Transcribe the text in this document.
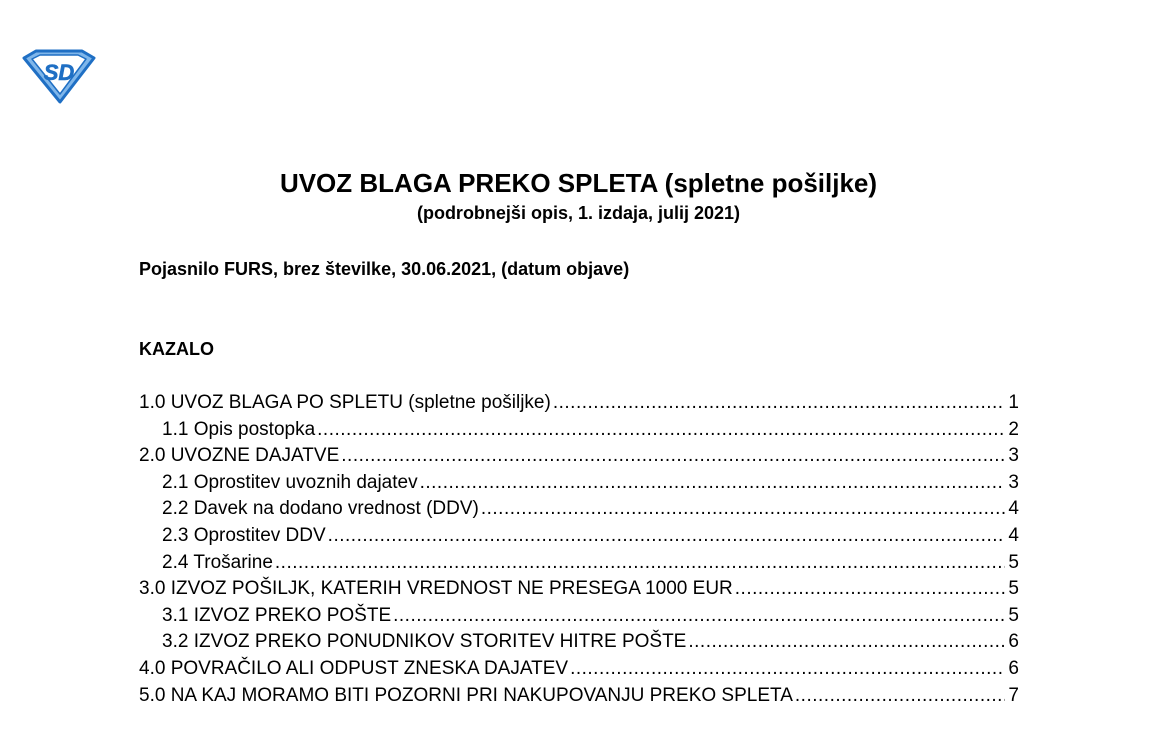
SD
UVOZ BLAGA PREKO SPLETA (spletne pošiljke)
(podrobnejši opis, 1. izdaja, julij 2021)
Pojasnilo FURS, brez številke, 30.06.2021, (datum objave)
KAZALO
1.0 UVOZ BLAGA PO SPLETU (spletne pošiljke) .....	1
1.1 Opis postopka .....	2
2.0 UVOZNE DAJATVE .....	3
2.1 Oprostitev uvoznih dajatev .....	3
2.2 Davek na dodano vrednost (DDV) .....	4
2.3 Oprostitev DDV .....	4
2.4 Trošarine .....	5
3.0 IZVOZ POŠILJK, KATERIH VREDNOST NE PRESEGA 1000 EUR .....	5
3.1 IZVOZ PREKO POŠTE .....	5
3.2 IZVOZ PREKO PONUDNIKOV STORITEV HITRE POŠTE .....	6
4.0 POVRAČILO ALI ODPUST ZNESKA DAJATEV .....	6
5.0 NA KAJ MORAMO BITI POZORNI PRI NAKUPOVANJU PREKO SPLETA .....	7
